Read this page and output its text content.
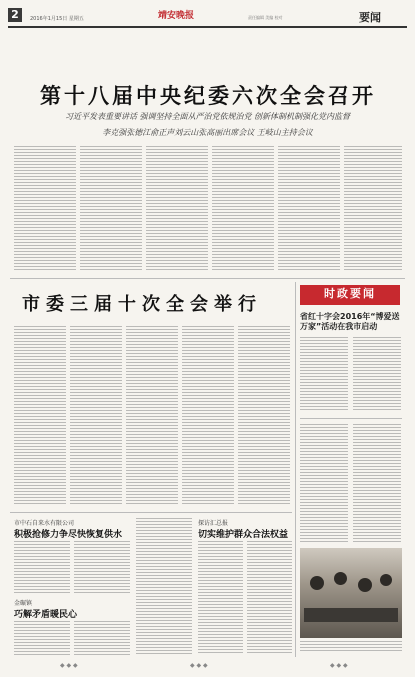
2	2016年1月15日 星期五	靖安晚报	责任编辑 美编 校对	要闻
第十八届中央纪委六次全会召开
习近平发表重要讲话 强调坚持全面从严治党依规治党 创新体制机制强化党内监督
李克强张德江俞正声刘云山张高丽出席会议 王岐山主持会议
市委三届十次全会举行
时政要闻
省红十字会2016年“博爱送万家”活动在我市启动
市中石自来水有限公司
积极抢修力争尽快恢复供水
金碾镇
巧解矛盾暖民心
探访汇总报
切实维护群众合法权益
◆ ◆ ◆	◆ ◆ ◆	◆ ◆ ◆
